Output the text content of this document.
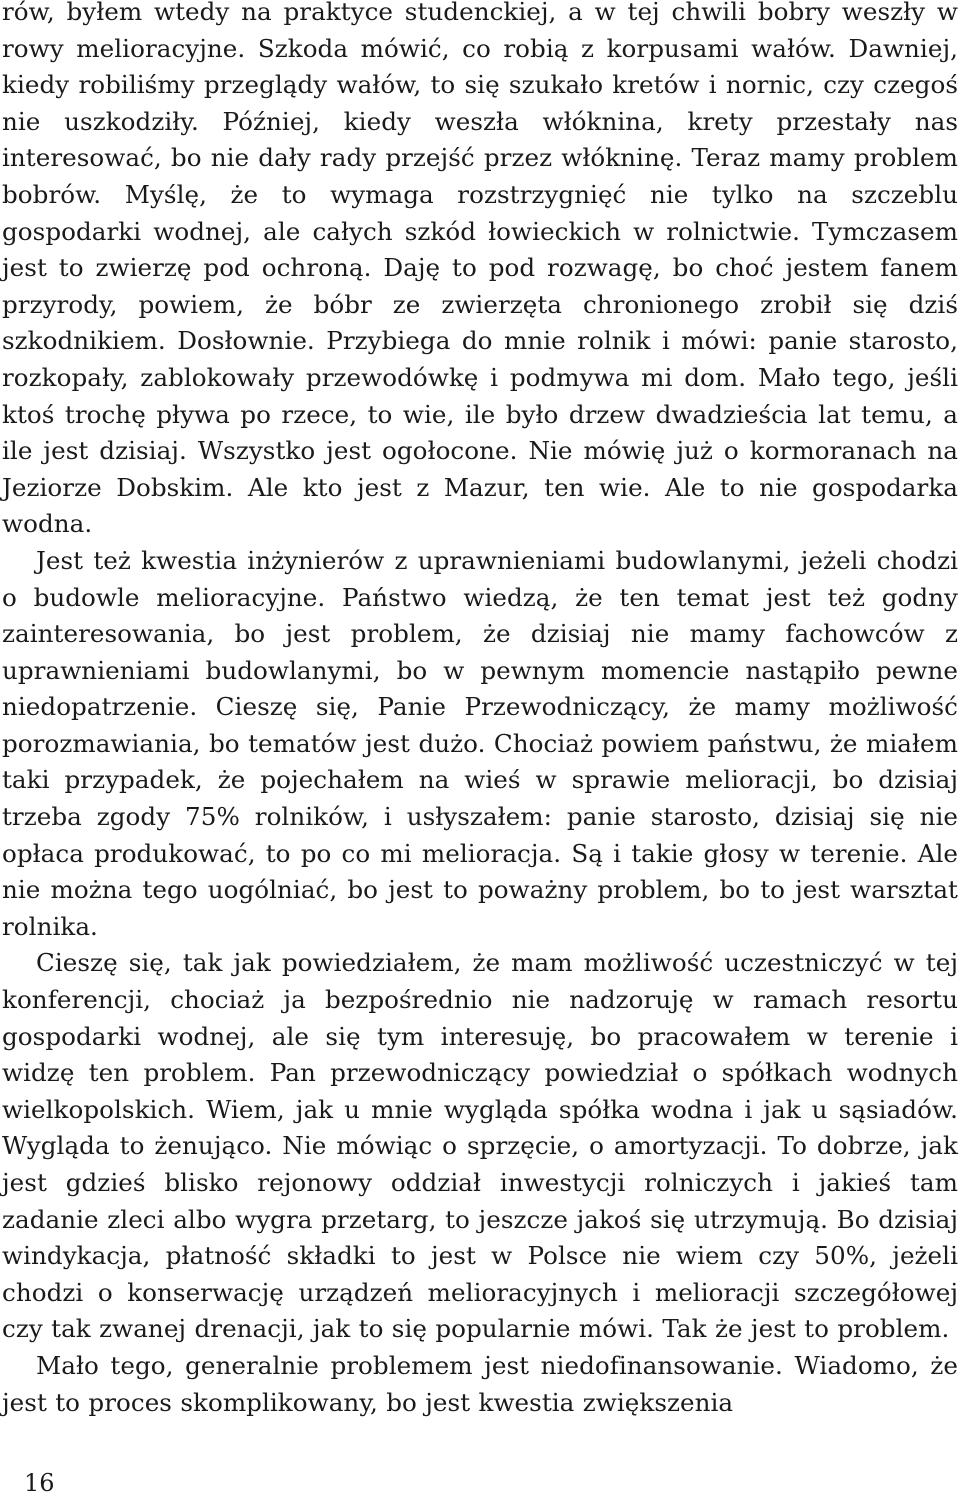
rów, byłem wtedy na praktyce studenckiej, a w tej chwili bobry weszły w rowy melioracyjne. Szkoda mówić, co robią z korpusami wałów. Dawniej, kiedy robiliśmy przeglądy wałów, to się szukało kretów i nornic, czy czegoś nie uszkodziły. Później, kiedy weszła włóknina, krety przestały nas interesować, bo nie dały rady przejść przez włókninę. Teraz mamy problem bobrów. Myślę, że to wymaga rozstrzygnięć nie tylko na szczeblu gospodarki wodnej, ale całych szkód łowieckich w rolnictwie. Tymczasem jest to zwierzę pod ochroną. Daję to pod rozwagę, bo choć jestem fanem przyrody, powiem, że bóbr ze zwierzęta chronionego zrobił się dziś szkodnikiem. Dosłownie. Przybiega do mnie rolnik i mówi: panie starosto, rozkopały, zablokowały przewodówkę i podmywa mi dom. Mało tego, jeśli ktoś trochę pływa po rzece, to wie, ile było drzew dwadzieścia lat temu, a ile jest dzisiaj. Wszystko jest ogołocone. Nie mówię już o kormoranach na Jeziorze Dobskim. Ale kto jest z Mazur, ten wie. Ale to nie gospodarka wodna.

Jest też kwestia inżynierów z uprawnieniami budowlanymi, jeżeli chodzi o budowle melioracyjne. Państwo wiedzą, że ten temat jest też godny zainteresowania, bo jest problem, że dzisiaj nie mamy fachowców z uprawnieniami budowlanymi, bo w pewnym momencie nastąpiło pewne niedopatrzenie. Cieszę się, Panie Przewodniczący, że mamy możliwość porozmawiania, bo tematów jest dużo. Chociaż powiem państwu, że miałem taki przypadek, że pojechałem na wieś w sprawie melioracji, bo dzisiaj trzeba zgody 75% rolników, i usłyszałem: panie starosto, dzisiaj się nie opłaca produkować, to po co mi melioracja. Są i takie głosy w terenie. Ale nie można tego uogólniać, bo jest to poważny problem, bo to jest warsztat rolnika.

Cieszę się, tak jak powiedziałem, że mam możliwość uczestniczyć w tej konferencji, chociaż ja bezpośrednio nie nadzoruję w ramach resortu gospodarki wodnej, ale się tym interesuję, bo pracowałem w terenie i widzę ten problem. Pan przewodniczący powiedział o spółkach wodnych wielkopolskich. Wiem, jak u mnie wygląda spółka wodna i jak u sąsiadów. Wygląda to żenująco. Nie mówiąc o sprzęcie, o amortyzacji. To dobrze, jak jest gdzieś blisko rejonowy oddział inwestycji rolniczych i jakieś tam zadanie zleci albo wygra przetarg, to jeszcze jakoś się utrzymują. Bo dzisiaj windykacja, płatność składki to jest w Polsce nie wiem czy 50%, jeżeli chodzi o konserwację urządzeń melioracyjnych i melioracji szczegółowej czy tak zwanej drenacji, jak to się popularnie mówi. Tak że jest to problem.

Mało tego, generalnie problemem jest niedofinansowanie. Wiadomo, że jest to proces skomplikowany, bo jest kwestia zwiększenia

16
